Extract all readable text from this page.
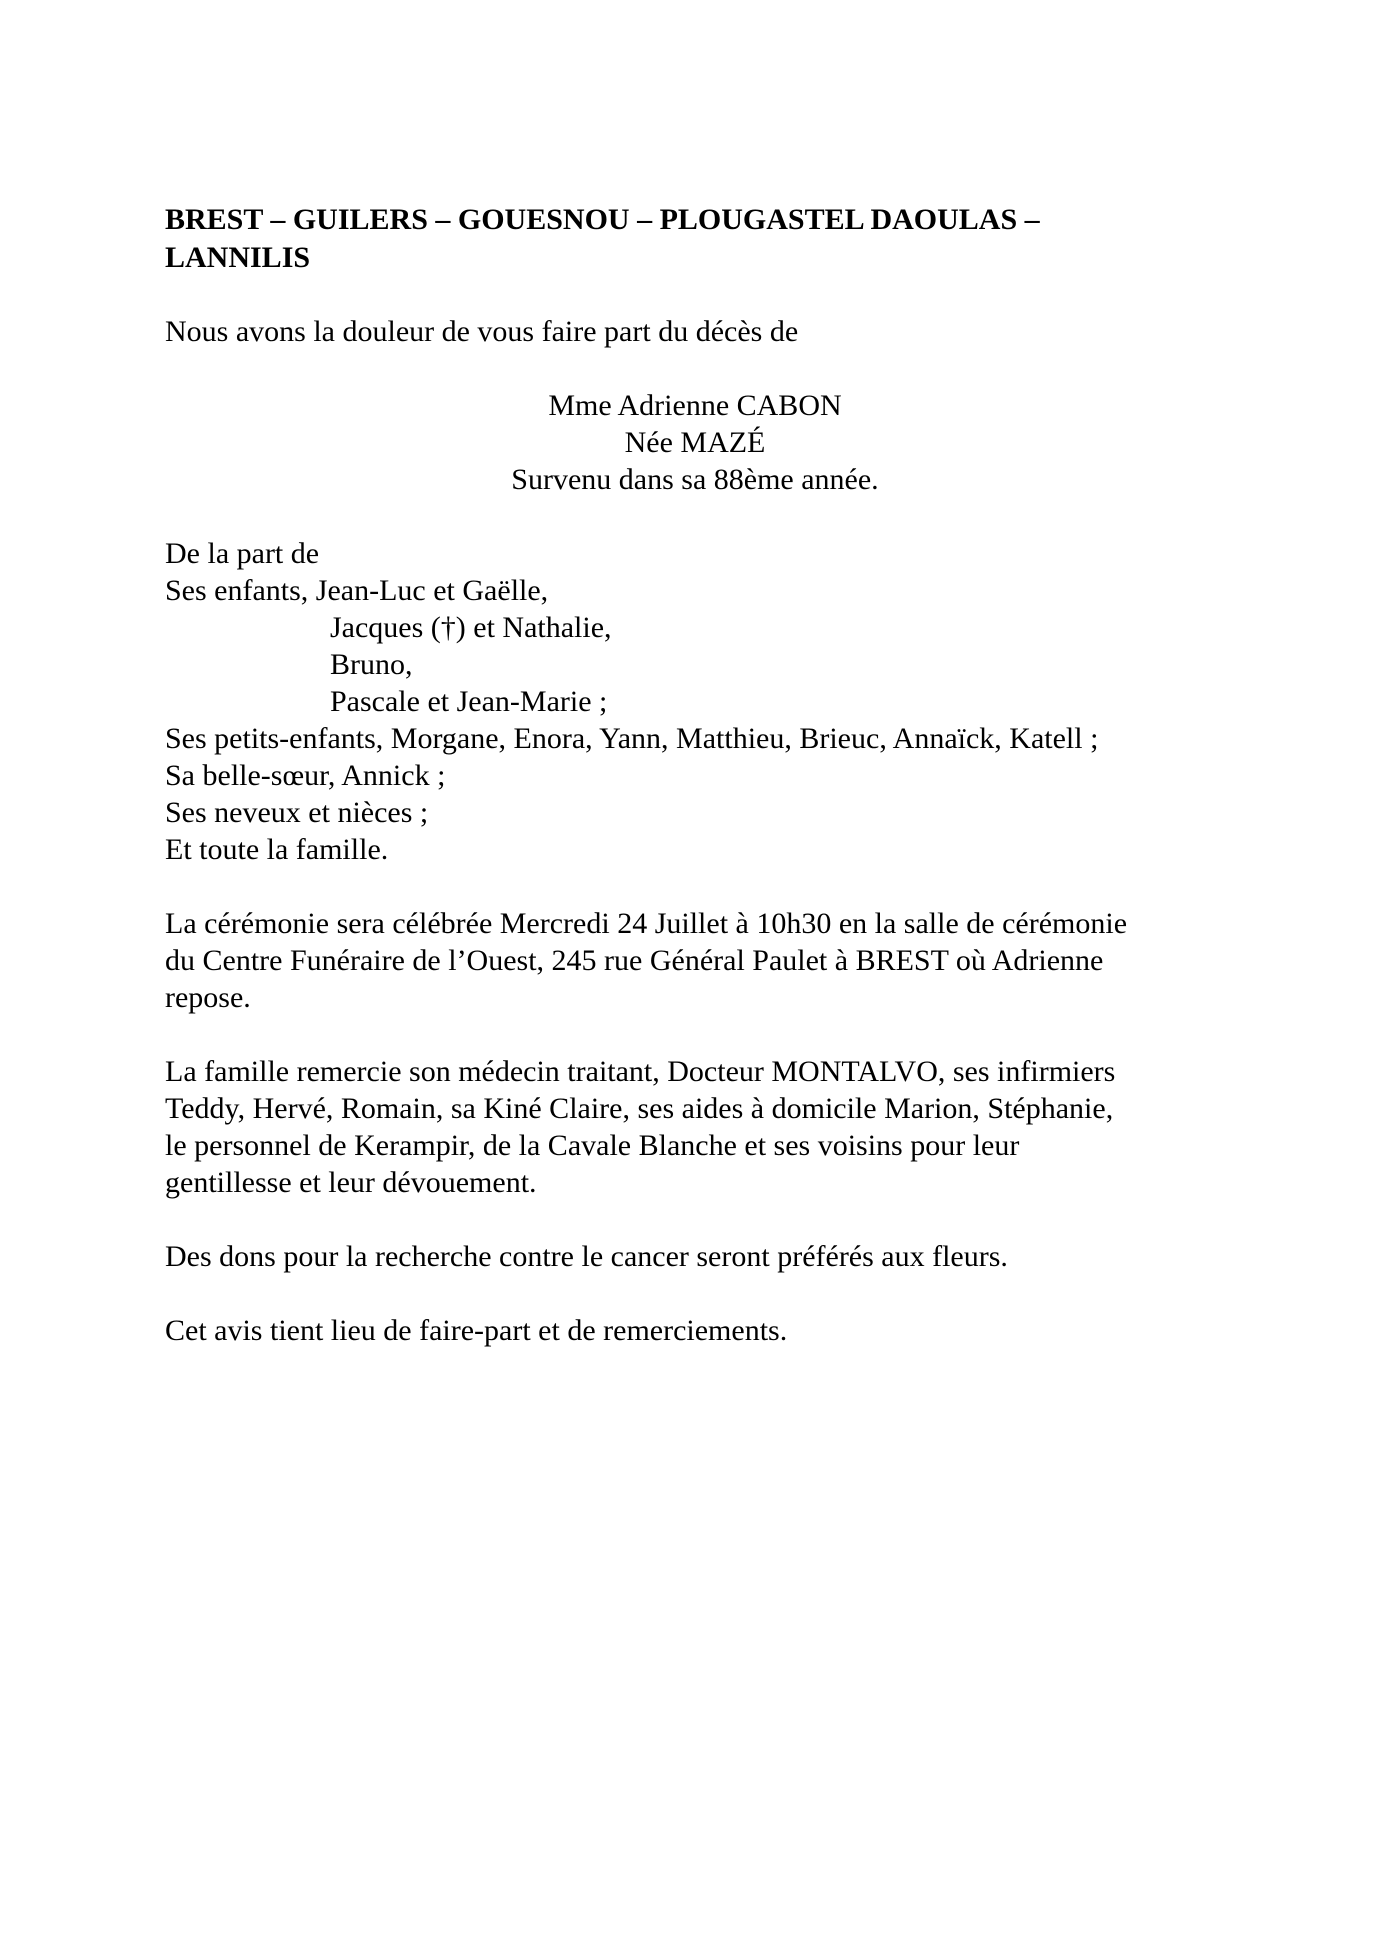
BREST – GUILERS – GOUESNOU – PLOUGASTEL DAOULAS –
LANNILIS

Nous avons la douleur de vous faire part du décès de

Mme Adrienne CABON
Née MAZÉ
Survenu dans sa 88ème année.
De la part de
Ses enfants, Jean-Luc et Gaëlle,
Jacques (†) et Nathalie,
Bruno,
Pascale et Jean-Marie ;
Ses petits-enfants, Morgane, Enora, Yann, Matthieu, Brieuc, Annaïck, Katell ;
Sa belle-sœur, Annick ;
Ses neveux et nièces ;
Et toute la famille.
La cérémonie sera célébrée Mercredi 24 Juillet à 10h30 en la salle de cérémonie
du Centre Funéraire de l’Ouest, 245 rue Général Paulet à BREST où Adrienne
repose.
La famille remercie son médecin traitant, Docteur MONTALVO, ses infirmiers
Teddy, Hervé, Romain, sa Kiné Claire, ses aides à domicile Marion, Stéphanie,
le personnel de Kerampir, de la Cavale Blanche et ses voisins pour leur
gentillesse et leur dévouement.
Des dons pour la recherche contre le cancer seront préférés aux fleurs.
Cet avis tient lieu de faire-part et de remerciements.
